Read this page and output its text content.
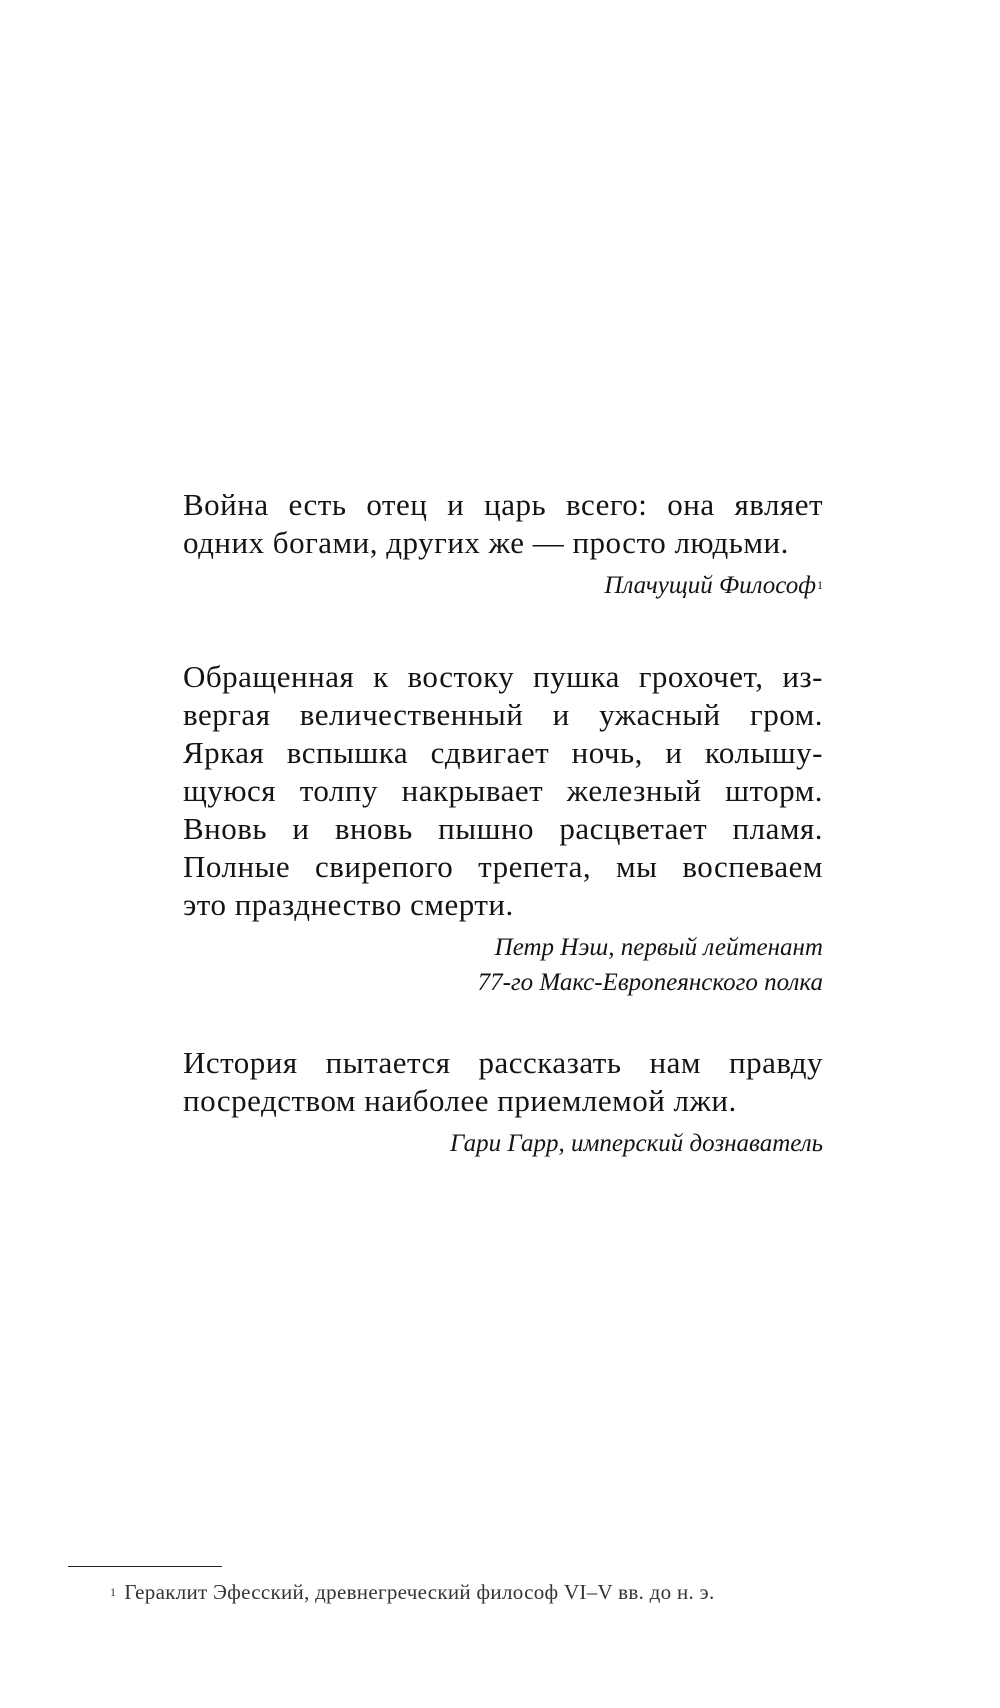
Война есть отец и царь всего: она являет
одних богами, других же — просто людьми.

Плачущий Философ$^1$

Обращенная к востоку пушка грохочет, из-
вергая величественный и ужасный гром.
Яркая вспышка сдвигает ночь, и колышу-
щуюся толпу накрывает железный шторм.
Вновь и вновь пышно расцветает пламя.
Полные свирепого трепета, мы воспеваем
это празднество смерти.

Петр Нэш, первый лейтенант
77-го Макс-Европеянского полка

История пытается рассказать нам правду
посредством наиболее приемлемой лжи.

Гари Гарр, имперский дознаватель

$^1$ Гераклит Эфесский, древнегреческий философ VI–V вв. до н. э.
